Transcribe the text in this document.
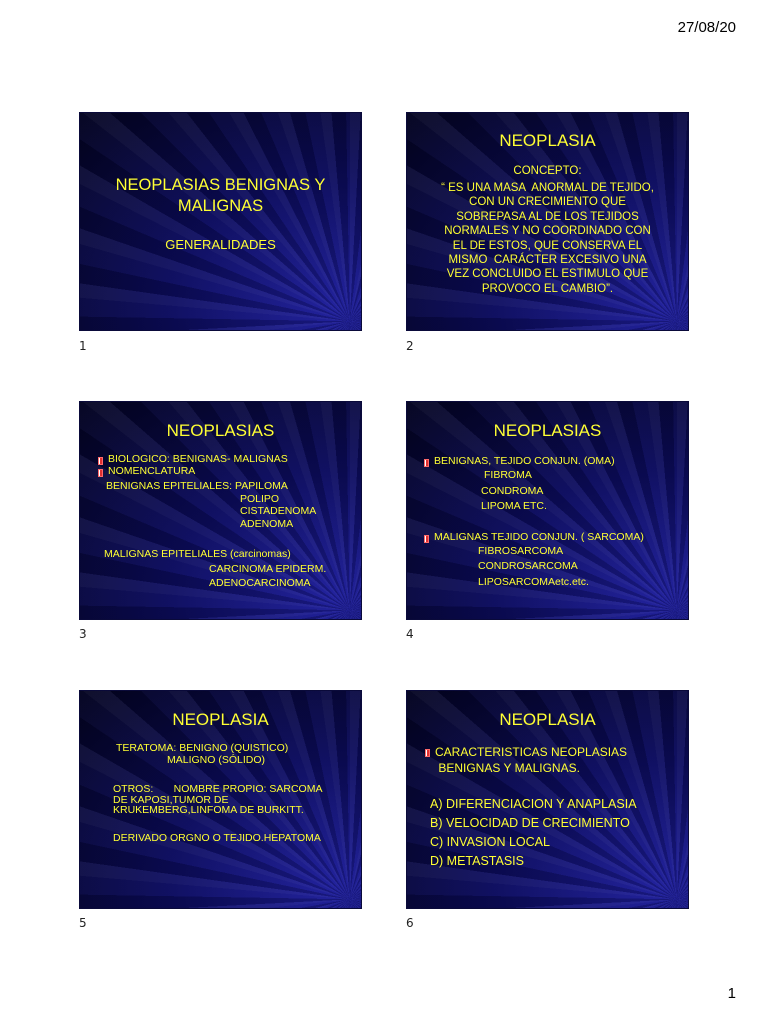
27/08/20
NEOPLASIAS BENIGNAS Y
MALIGNAS
GENERALIDADES
1
NEOPLASIA
CONCEPTO:
“ ES UNA MASA  ANORMAL DE TEJIDO,
CON UN CRECIMIENTO QUE
SOBREPASA AL DE LOS TEJIDOS
NORMALES Y NO COORDINADO CON
EL DE ESTOS, QUE CONSERVA EL
MISMO  CARÁCTER EXCESIVO UNA
VEZ CONCLUIDO EL ESTIMULO QUE
PROVOCO EL CAMBIO”.
2
NEOPLASIAS
BIOLOGICO: BENIGNAS- MALIGNAS
NOMENCLATURA
BENIGNAS EPITELIALES: PAPILOMA
POLIPO
CISTADENOMA
ADENOMA
MALIGNAS EPITELIALES (carcinomas)
CARCINOMA EPIDERM.
ADENOCARCINOMA
3
NEOPLASIAS
BENIGNAS, TEJIDO CONJUN. (OMA)
FIBROMA
CONDROMA
LIPOMA ETC.
MALIGNAS TEJIDO CONJUN. ( SARCOMA)
FIBROSARCOMA
CONDROSARCOMA
LIPOSARCOMAetc.etc.
4
NEOPLASIA
TERATOMA: BENIGNO (QUISTICO)
MALIGNO (SÓLIDO)
OTROS:       NOMBRE PROPIO: SARCOMA
DE KAPOSI,TUMOR DE
KRUKEMBERG,LINFOMA DE BURKITT.
DERIVADO ORGNO O TEJIDO.HEPATOMA
5
NEOPLASIA
CARACTERISTICAS NEOPLASIAS
BENIGNAS Y MALIGNAS.
A) DIFERENCIACION Y ANAPLASIA
B) VELOCIDAD DE CRECIMIENTO
C) INVASION LOCAL
D) METASTASIS
6
1
